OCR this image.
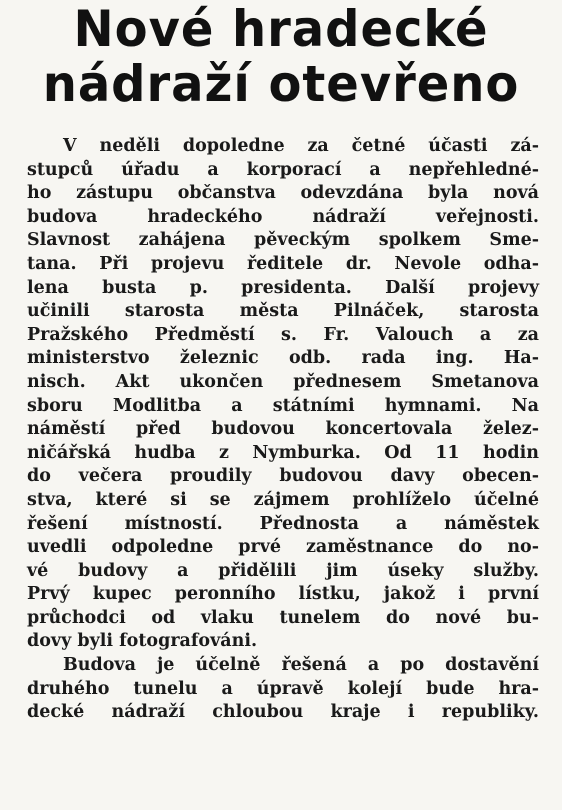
Nové hradecké
nádraží otevřeno
V neděli dopoledne za četné účasti zá-
stupců úřadu a korporací a nepřehledné-
ho zástupu občanstva odevzdána byla nová
budova hradeckého nádraží veřejnosti.
Slavnost zahájena pěveckým spolkem Sme-
tana. Při projevu ředitele dr. Nevole odha-
lena busta p. presidenta. Další projevy
učinili starosta města Pilnáček, starosta
Pražského Předměstí s. Fr. Valouch a za
ministerstvo železnic odb. rada ing. Ha-
nisch. Akt ukončen přednesem Smetanova
sboru Modlitba a státními hymnami. Na
náměstí před budovou koncertovala želez-
ničářská hudba z Nymburka. Od 11 hodin
do večera proudily budovou davy obecen-
stva, které si se zájmem prohlíželo účelné
řešení místností. Přednosta a náměstek
uvedli odpoledne prvé zaměstnance do no-
vé budovy a přidělili jim úseky služby.
Prvý kupec peronního lístku, jakož i první
průchodci od vlaku tunelem do nové bu-
dovy byli fotografováni.
Budova je účelně řešená a po dostavění
druhého tunelu a úpravě kolejí bude hra-
decké nádraží chloubou kraje i republiky.
